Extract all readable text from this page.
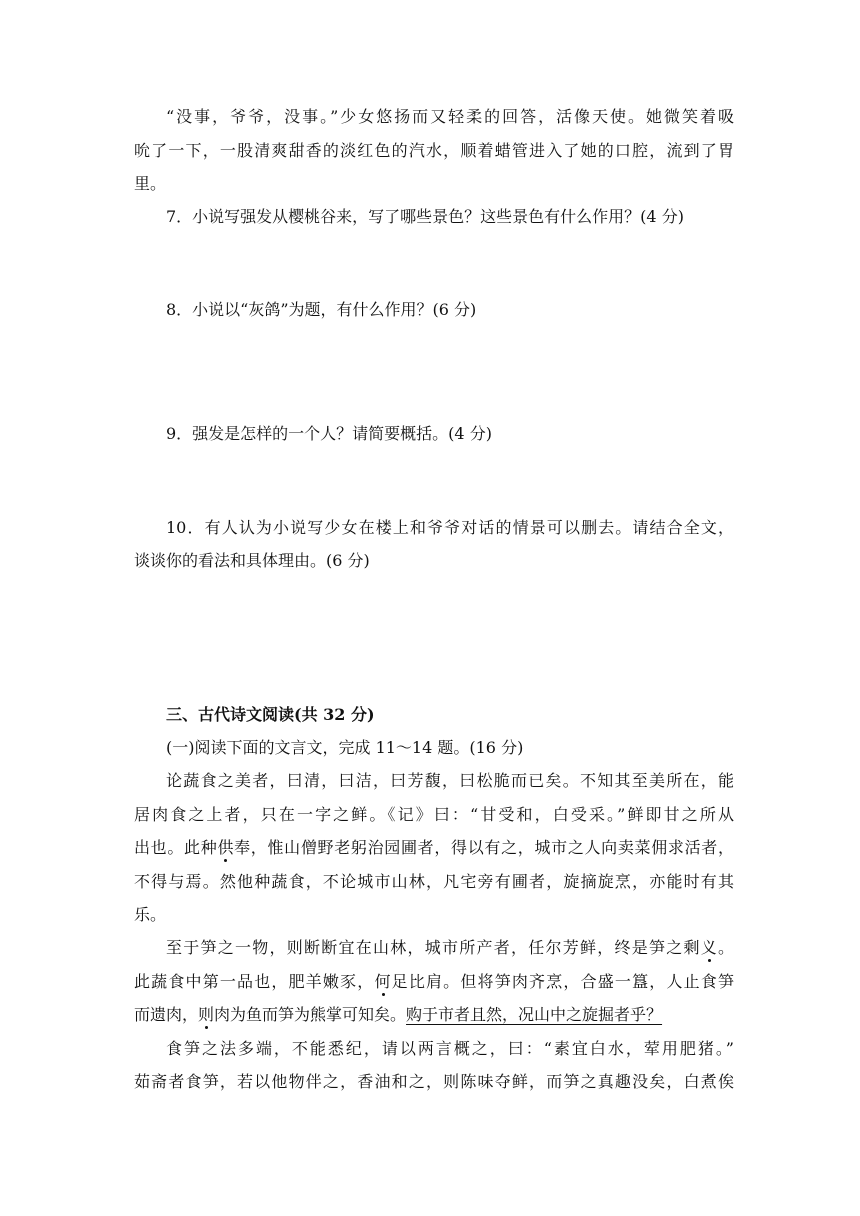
“没事，爷爷，没事。”少女悠扬而又轻柔的回答，活像天使。她微笑着吸
吮了一下，一股清爽甜香的淡红色的汽水，顺着蜡管进入了她的口腔，流到了胃
里。
7．小说写强发从樱桃谷来，写了哪些景色？这些景色有什么作用？(4 分)
8．小说以“灰鸽”为题，有什么作用？(6 分)
9．强发是怎样的一个人？请简要概括。(4 分)
10．有人认为小说写少女在楼上和爷爷对话的情景可以删去。请结合全文，
谈谈你的看法和具体理由。(6 分)
三、古代诗文阅读(共 32 分)
(一)阅读下面的文言文，完成 11～14 题。(16 分)
论蔬食之美者，曰清，曰洁，曰芳馥，曰松脆而已矣。不知其至美所在，能
居肉食之上者，只在一字之鲜。《记》曰：“甘受和，白受采。”鲜即甘之所从
出也。此种供奉，惟山僧野老躬治园圃者，得以有之，城市之人向卖菜佣求活者，
不得与焉。然他种蔬食，不论城市山林，凡宅旁有圃者，旋摘旋烹，亦能时有其
乐。
至于笋之一物，则断断宜在山林，城市所产者，任尔芳鲜，终是笋之剩义。
此蔬食中第一品也，肥羊嫩豕，何足比肩。但将笋肉齐烹，合盛一簋，人止食笋
而遗肉，则肉为鱼而笋为熊掌可知矣。购于市者且然，况山中之旋掘者乎？
食笋之法多端，不能悉纪，请以两言概之，曰：“素宜白水，荤用肥猪。”
茹斋者食笋，若以他物伴之，香油和之，则陈味夺鲜，而笋之真趣没矣，白煮俟
